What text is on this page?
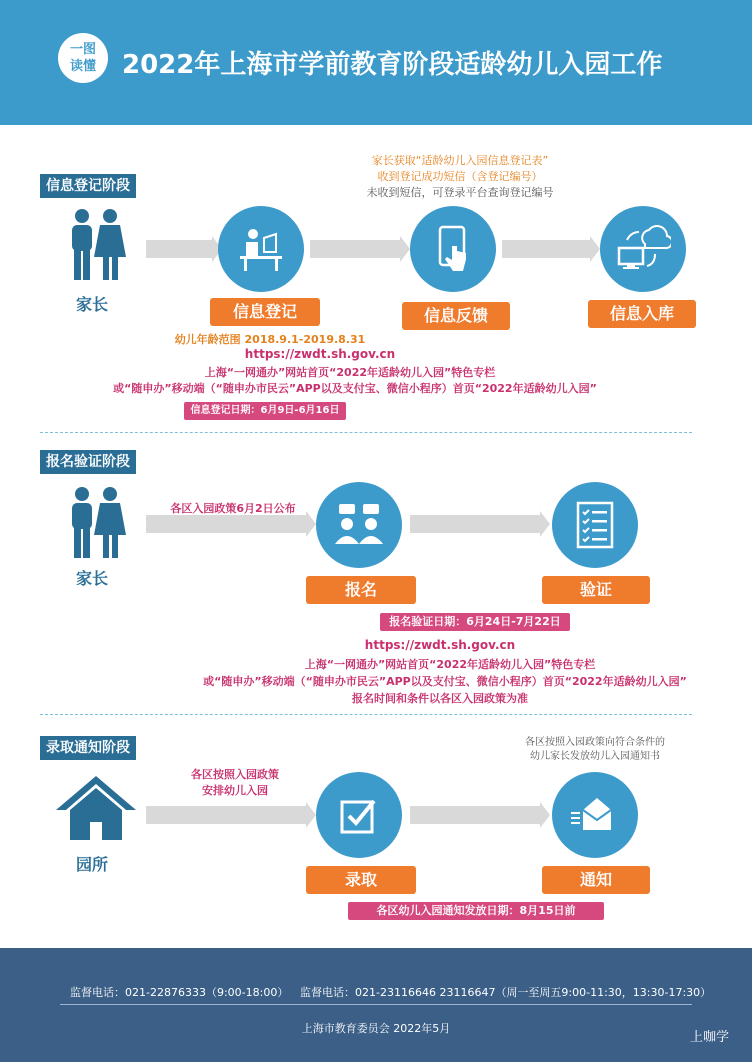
一图
读懂 2022年上海市学前教育阶段适龄幼儿入园工作
信息登记阶段
家长获取“适龄幼儿入园信息登记表”
收到登记成功短信（含登记编号）
未收到短信，可登录平台查询登记编号
家长	信息登记	信息反馈	信息入库
幼儿年龄范围 2018.9.1-2019.8.31
https://zwdt.sh.gov.cn
上海“一网通办”网站首页“2022年适龄幼儿入园”特色专栏
或“随申办”移动端（“随申办市民云”APP以及支付宝、微信小程序）首页“2022年适龄幼儿入园”
信息登记日期：6月9日-6月16日
报名验证阶段
家长
各区入园政策6月2日公布
报名	验证
报名验证日期：6月24日-7月22日
https://zwdt.sh.gov.cn
上海“一网通办”网站首页“2022年适龄幼儿入园”特色专栏
或“随申办”移动端（“随申办市民云”APP以及支付宝、微信小程序）首页“2022年适龄幼儿入园”
报名时间和条件以各区入园政策为准
录取通知阶段
园所
各区按照入园政策
安排幼儿入园
各区按照入园政策向符合条件的
幼儿家长发放幼儿入园通知书
录取	通知
各区幼儿入园通知发放日期：8月15日前
监督电话：021-22876333（9:00-18:00） 监督电话：021-23116646 23116647（周一至周五9:00-11:30，13:30-17:30）
上海市教育委员会 2022年5月
上咖学
